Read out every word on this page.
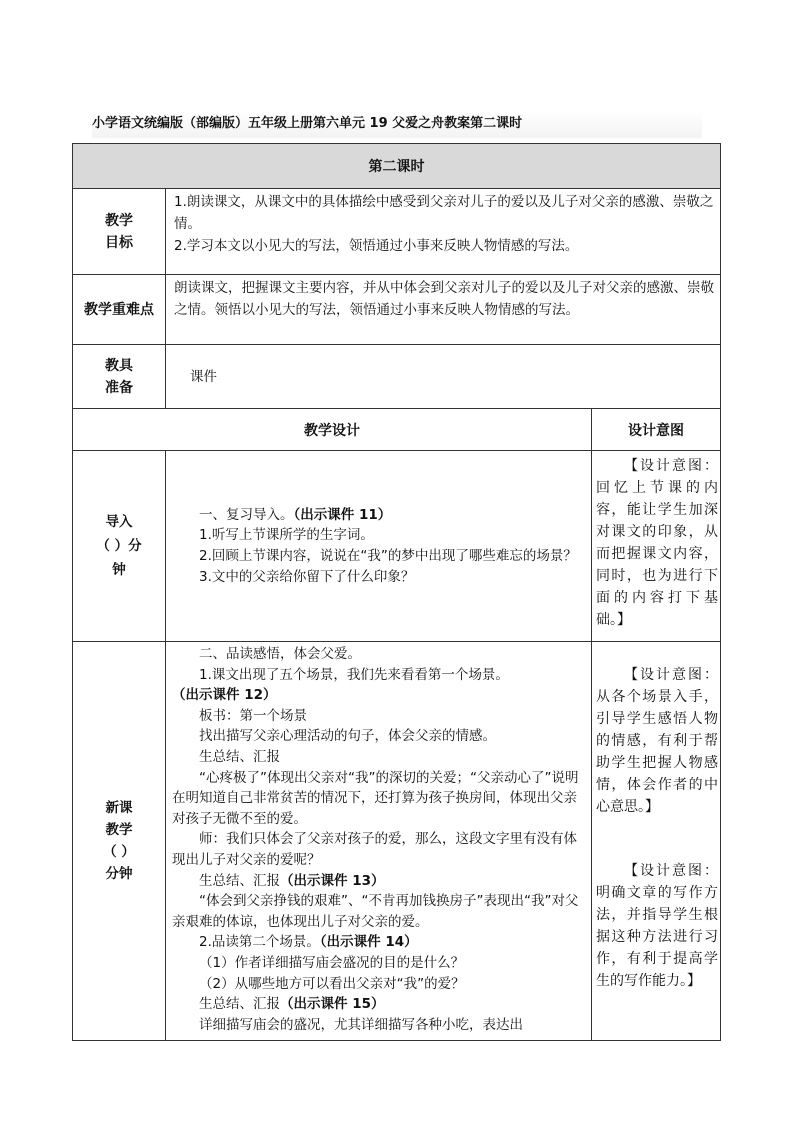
小学语文统编版（部编版）五年级上册第六单元 19 父爱之舟教案第二课时
第二课时
教学
目标

1.朗读课文，从课文中的具体描绘中感受到父亲对儿子的爱以及儿子对父亲的感激、崇敬之情。

2.学习本文以小见大的写法，领悟通过小事来反映人物情感的写法。

教学重难点
朗读课文，把握课文主要内容，并从中体会到父亲对儿子的爱以及儿子对父亲的感激、崇敬之情。领悟以小见大的写法，领悟通过小事来反映人物情感的写法。
教具
准备
课件
教学设计	设计意图
导入
（ ）分
钟

一、复习导入。（出示课件 11）

1.听写上节课所学的生字词。

2.回顾上节课内容，说说在“我”的梦中出现了哪些难忘的场景？

3.文中的父亲给你留下了什么印象？

【设计意图：回忆上节课的内容，能让学生加深对课文的印象，从而把握课文内容，同时，也为进行下面的内容打下基础。】

新课
教学
（ ）
分钟

二、品读感悟，体会父爱。

1.课文出现了五个场景，我们先来看看第一个场景。

（出示课件 12）

板书：第一个场景

找出描写父亲心理活动的句子，体会父亲的情感。

生总结、汇报

“心疼极了”体现出父亲对“我”的深切的关爱；“父亲动心了”说明在明知道自己非常贫苦的情况下，还打算为孩子换房间，体现出父亲对孩子无微不至的爱。

师：我们只体会了父亲对孩子的爱，那么，这段文字里有没有体现出儿子对父亲的爱呢？

生总结、汇报（出示课件 13）

“体会到父亲挣钱的艰难”、“不肯再加钱换房子”表现出“我”对父亲艰难的体谅，也体现出儿子对父亲的爱。

2.品读第二个场景。（出示课件 14）

（1）作者详细描写庙会盛况的目的是什么？

（2）从哪些地方可以看出父亲对“我”的爱？

生总结、汇报（出示课件 15）

详细描写庙会的盛况，尤其详细描写各种小吃，表达出

【设计意图：从各个场景入手，引导学生感悟人物的情感，有利于帮助学生把握人物感情，体会作者的中心意思。】

【设计意图：明确文章的写作方法，并指导学生根据这种方法进行习作，有利于提高学生的写作能力。】
